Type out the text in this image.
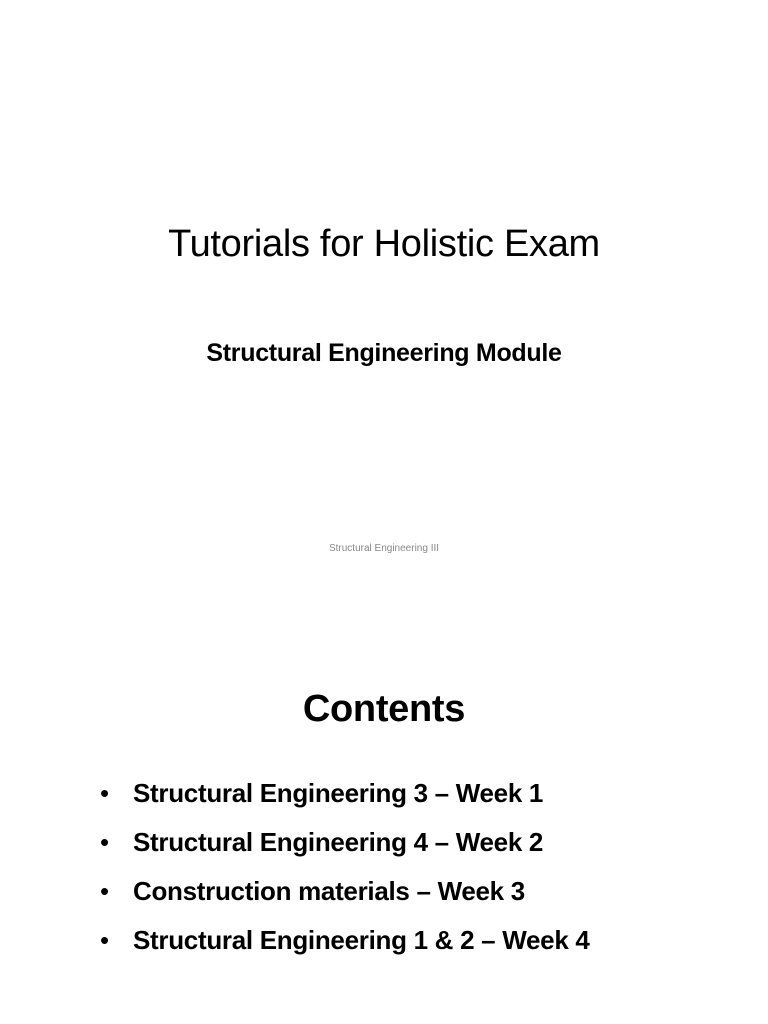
Tutorials for Holistic Exam
Structural Engineering Module

Structural Engineering III

Contents
• Structural Engineering 3 – Week 1
• Structural Engineering 4 – Week 2
• Construction materials – Week 3
• Structural Engineering 1 & 2 – Week 4
